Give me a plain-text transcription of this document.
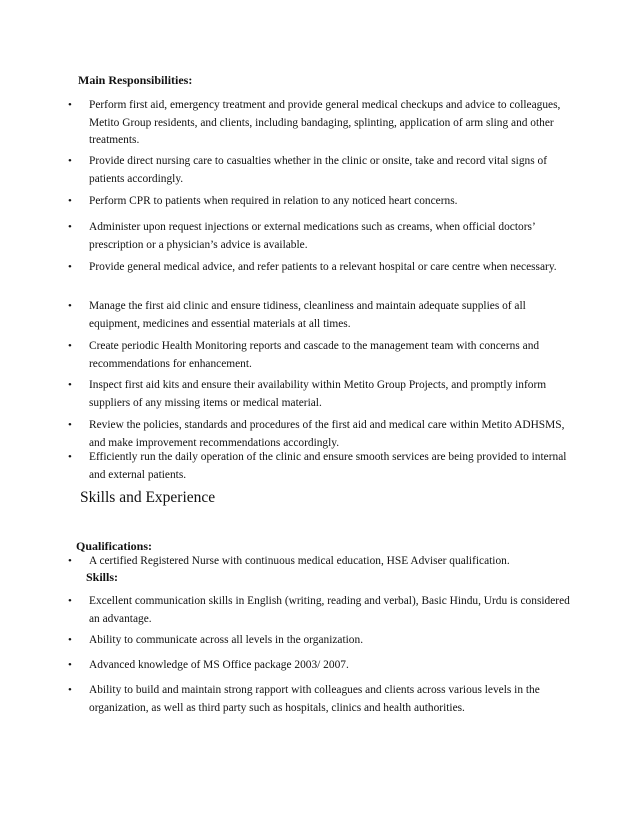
Main Responsibilities:
•	Perform first aid, emergency treatment and provide general medical checkups and advice to colleagues, Metito Group residents, and clients, including bandaging, splinting, application of arm sling and other treatments.
•	Provide direct nursing care to casualties whether in the clinic or onsite, take and record vital signs of patients accordingly.
•	Perform CPR to patients when required in relation to any noticed heart concerns.
•	Administer upon request injections or external medications such as creams, when official doctors’ prescription or a physician’s advice is available.
•	Provide general medical advice, and refer patients to a relevant hospital or care centre when necessary.
•	Manage the first aid clinic and ensure tidiness, cleanliness and maintain adequate supplies of all equipment, medicines and essential materials at all times.
•	Create periodic Health Monitoring reports and cascade to the management team with concerns and recommendations for enhancement.
•	Inspect first aid kits and ensure their availability within Metito Group Projects, and promptly inform suppliers of any missing items or medical material.
•	Review the policies, standards and procedures of the first aid and medical care within Metito ADHSMS, and make improvement recommendations accordingly.
•	Efficiently run the daily operation of the clinic and ensure smooth services are being provided to internal and external patients.
Skills and Experience
Qualifications:
•	A certified Registered Nurse with continuous medical education, HSE Adviser qualification.
Skills:
•	Excellent communication skills in English (writing, reading and verbal), Basic Hindu, Urdu is considered an advantage.
•	Ability to communicate across all levels in the organization.
•	Advanced knowledge of MS Office package 2003/ 2007.
•	Ability to build and maintain strong rapport with colleagues and clients across various levels in the organization, as well as third party such as hospitals, clinics and health authorities.
